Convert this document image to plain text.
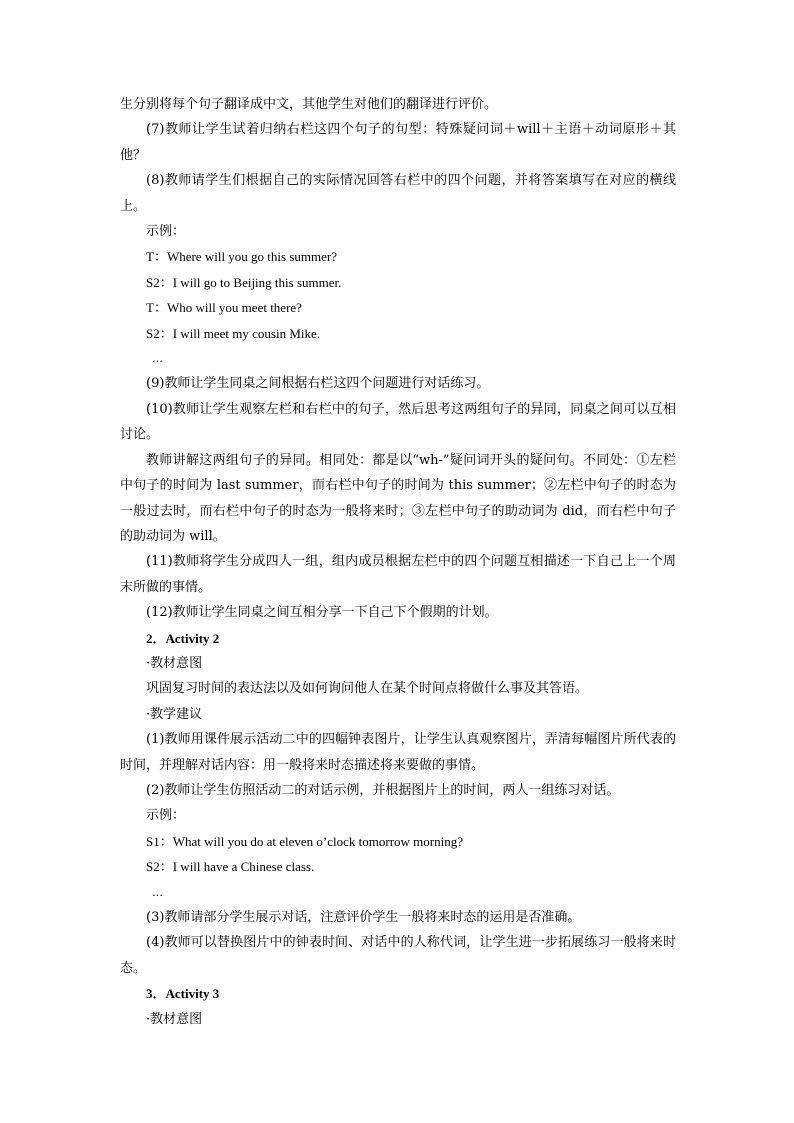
生分别将每个句子翻译成中文，其他学生对他们的翻译进行评价。

(7)教师让学生试着归纳右栏这四个句子的句型：特殊疑问词＋will＋主语＋动词原形＋其他？

(8)教师请学生们根据自己的实际情况回答右栏中的四个问题，并将答案填写在对应的横线上。

示例：

T：Where will you go this summer?

S2：I will go to Beijing this summer.

T：Who will you meet there?

S2：I will meet my cousin Mike.

…

(9)教师让学生同桌之间根据右栏这四个问题进行对话练习。

(10)教师让学生观察左栏和右栏中的句子，然后思考这两组句子的异同，同桌之间可以互相讨论。

教师讲解这两组句子的异同。相同处：都是以“wh-”疑问词开头的疑问句。不同处：①左栏中句子的时间为 last summer，而右栏中句子的时间为 this summer；②左栏中句子的时态为一般过去时，而右栏中句子的时态为一般将来时；③左栏中句子的助动词为 did，而右栏中句子的助动词为 will。

(11)教师将学生分成四人一组，组内成员根据左栏中的四个问题互相描述一下自己上一个周末所做的事情。

(12)教师让学生同桌之间互相分享一下自己下个假期的计划。

2．Activity 2

·教材意图

巩固复习时间的表达法以及如何询问他人在某个时间点将做什么事及其答语。

·教学建议

(1)教师用课件展示活动二中的四幅钟表图片，让学生认真观察图片，弄清每幅图片所代表的时间，并理解对话内容：用一般将来时态描述将来要做的事情。

(2)教师让学生仿照活动二的对话示例，并根据图片上的时间，两人一组练习对话。

示例：

S1：What will you do at eleven o’clock tomorrow morning?

S2：I will have a Chinese class.

…

(3)教师请部分学生展示对话，注意评价学生一般将来时态的运用是否准确。

(4)教师可以替换图片中的钟表时间、对话中的人称代词，让学生进一步拓展练习一般将来时态。

3．Activity 3

·教材意图
